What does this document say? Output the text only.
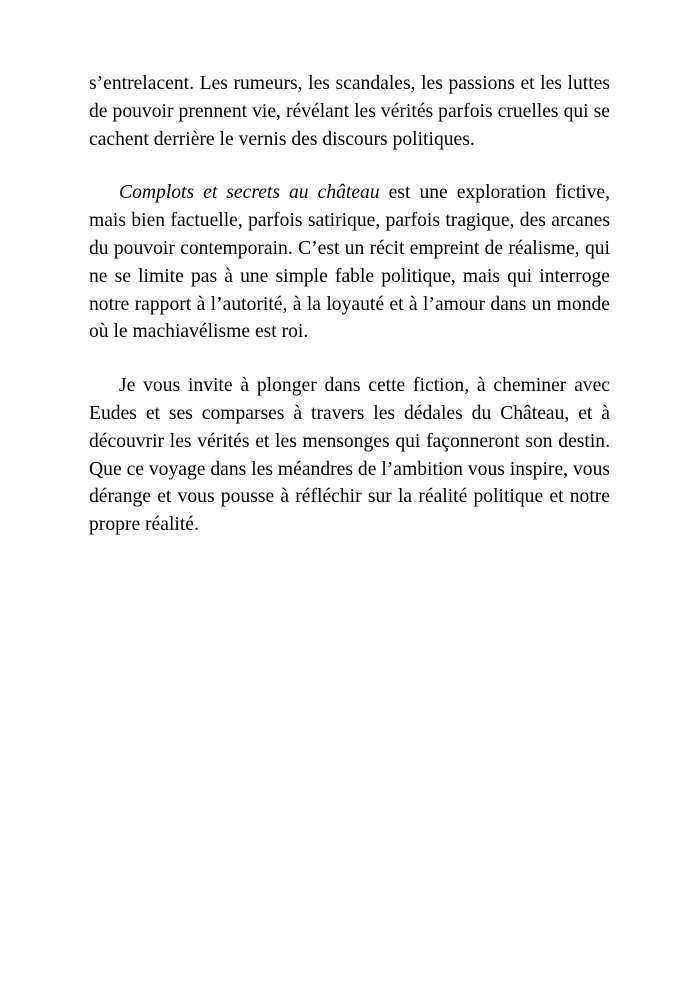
s’entrelacent. Les rumeurs, les scandales, les passions et les luttes de pouvoir prennent vie, révélant les vérités parfois cruelles qui se cachent derrière le vernis des discours politiques.

Complots et secrets au château est une exploration fictive, mais bien factuelle, parfois satirique, parfois tragique, des arcanes du pouvoir contemporain. C’est un récit empreint de réalisme, qui ne se limite pas à une simple fable politique, mais qui interroge notre rapport à l’autorité, à la loyauté et à l’amour dans un monde où le machiavélisme est roi.

Je vous invite à plonger dans cette fiction, à cheminer avec Eudes et ses comparses à travers les dédales du Château, et à découvrir les vérités et les mensonges qui façonneront son destin. Que ce voyage dans les méandres de l’ambition vous inspire, vous dérange et vous pousse à réfléchir sur la réalité politique et notre propre réalité.
